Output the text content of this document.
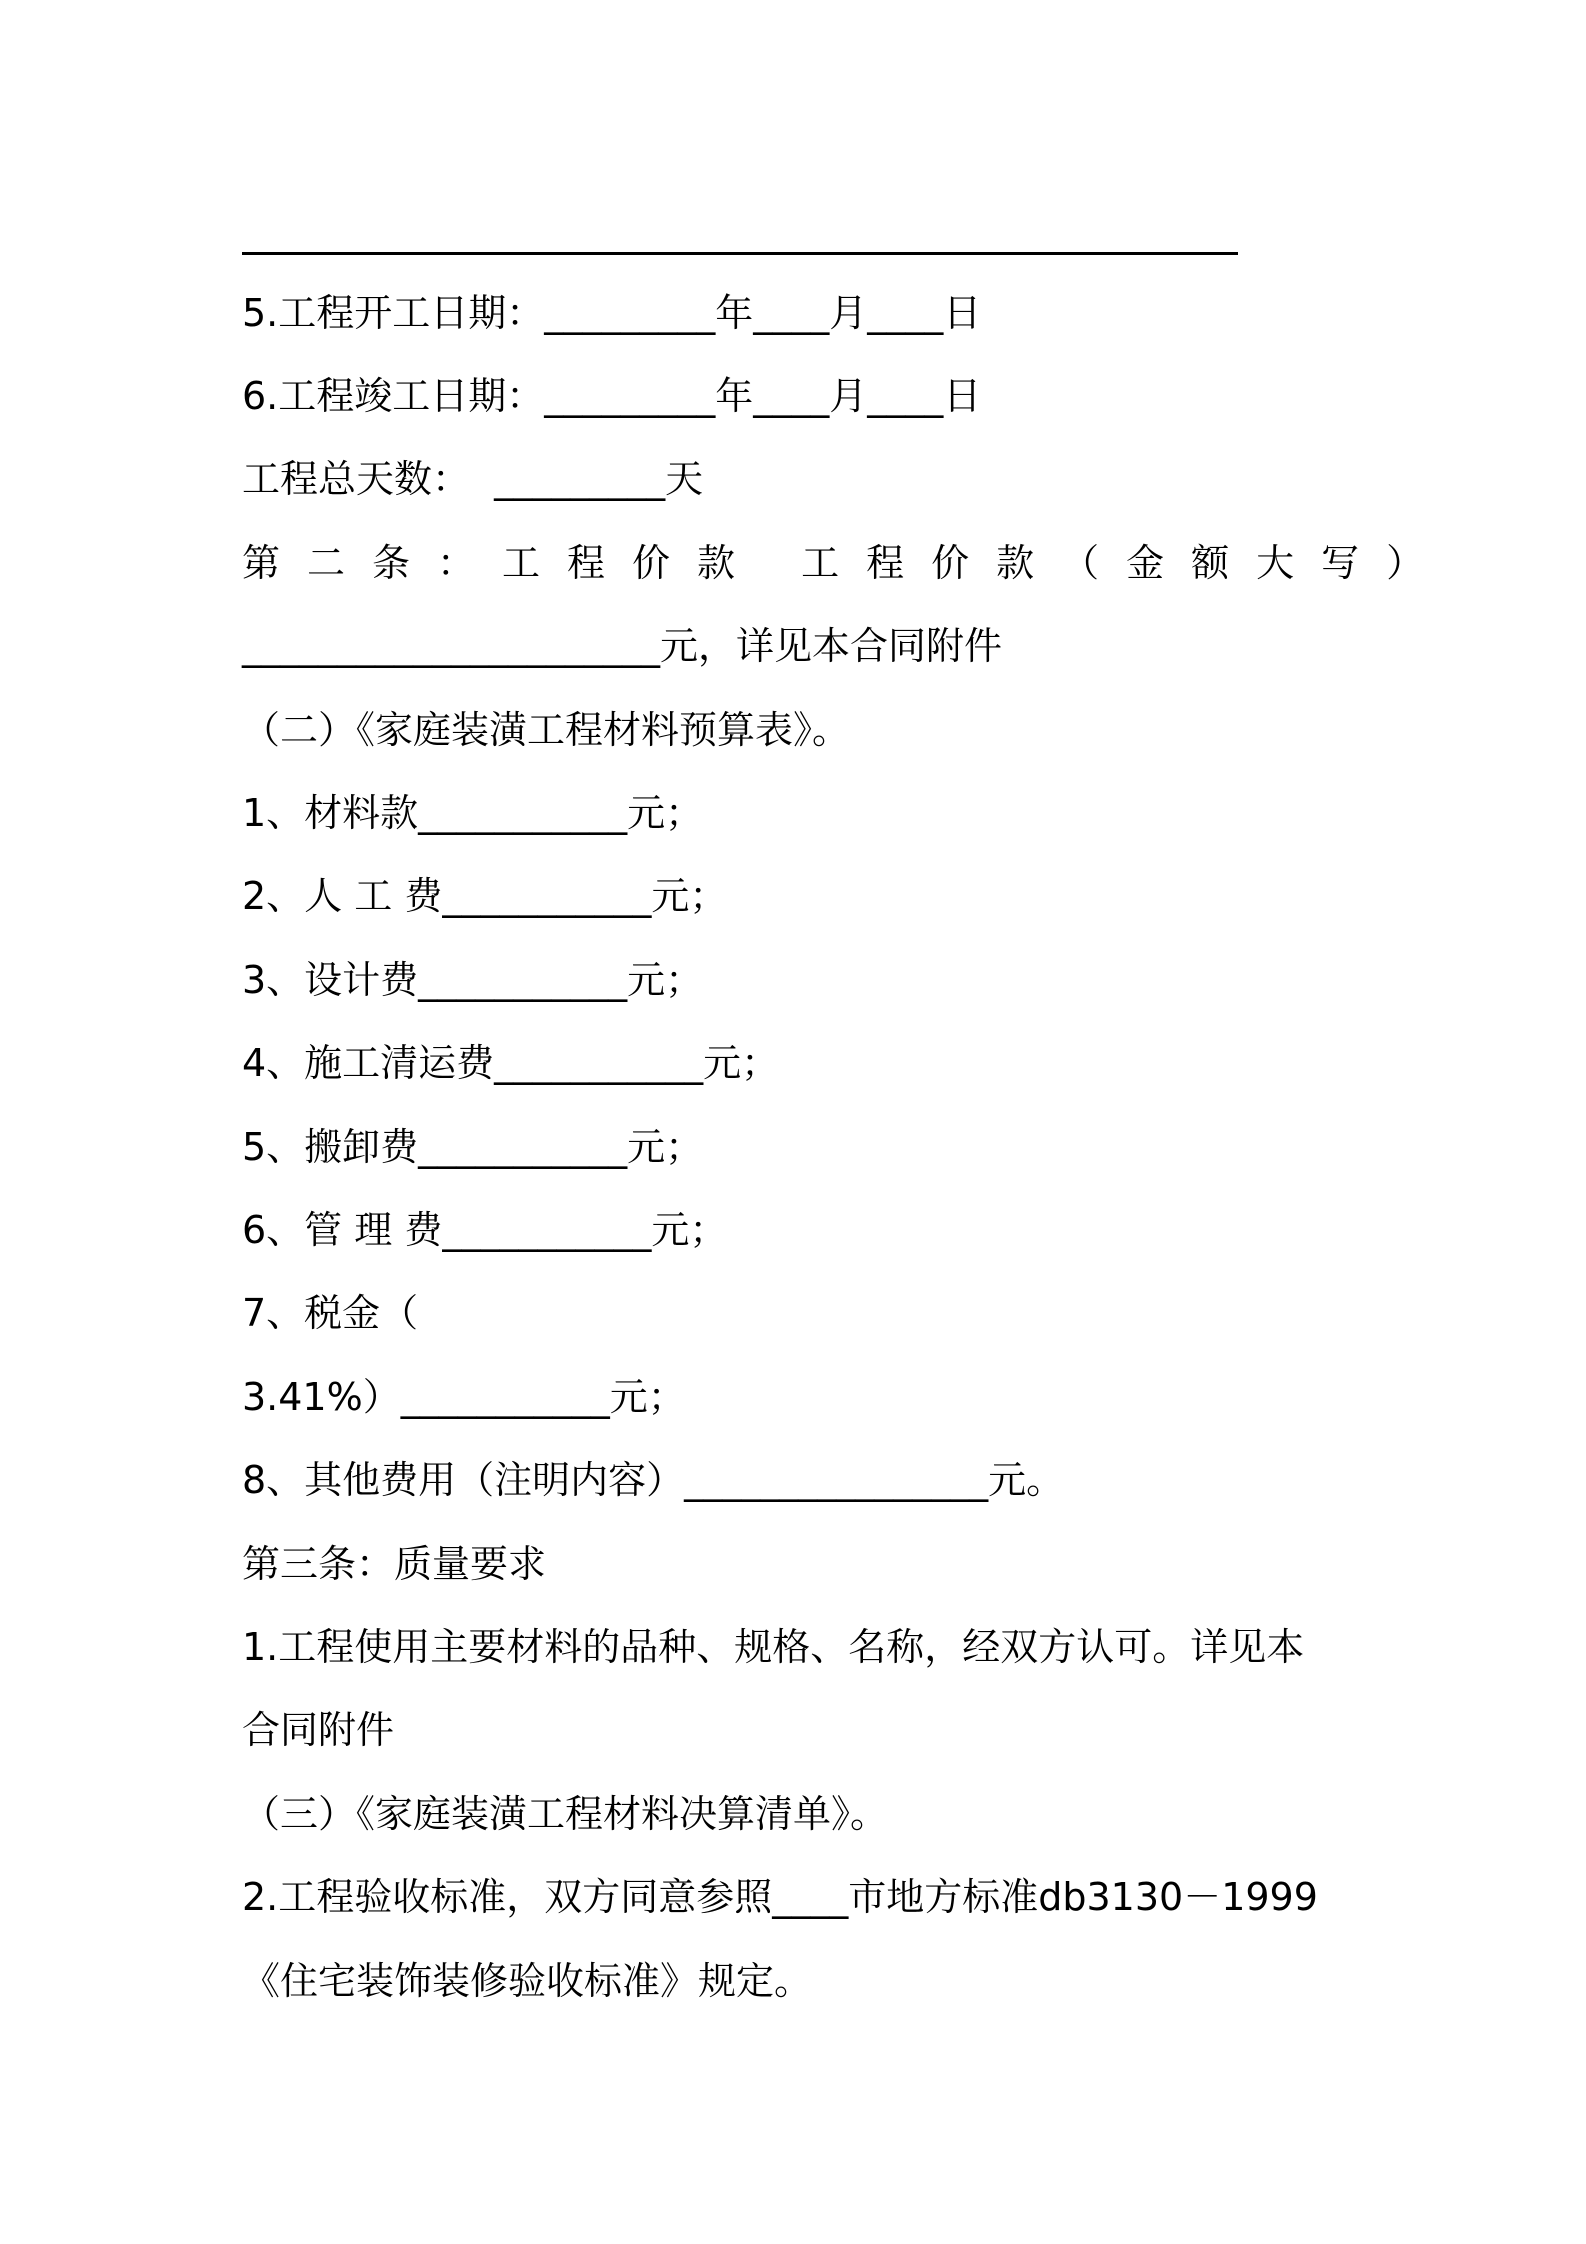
5.工程开工日期：_________年____月____日
6.工程竣工日期：_________年____月____日
工程总天数：  _________天
第二条：工程价款 工程价款（金额大写）
______________________元，详见本合同附件
（二）《家庭装潢工程材料预算表》。
1、材料款___________元；
2、人 工 费___________元；
3、设计费___________元；
4、施工清运费___________元；
5、搬卸费___________元；
6、管 理 费___________元；
7、税金（
3.41%）___________元；
8、其他费用（注明内容）________________元。
第三条：质量要求
1.工程使用主要材料的品种、规格、名称，经双方认可。详见本
合同附件
（三）《家庭装潢工程材料决算清单》。
2.工程验收标准，双方同意参照____市地方标准db3130－1999
《住宅装饰装修验收标准》规定。
